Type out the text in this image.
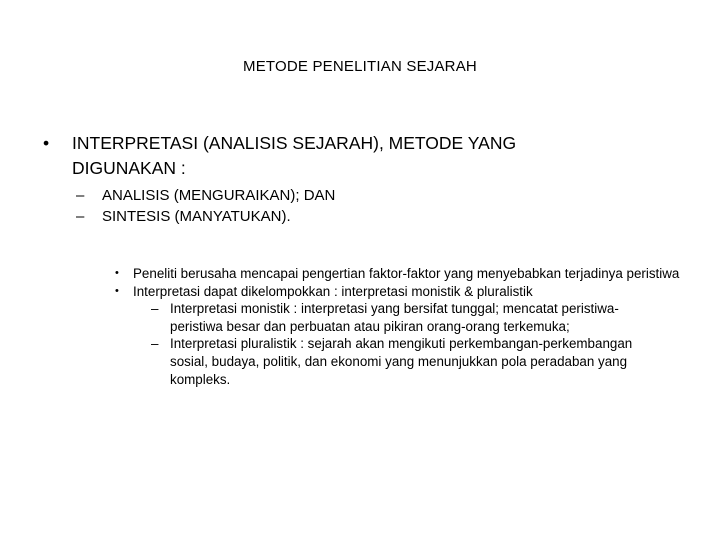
METODE PENELITIAN SEJARAH
•	INTERPRETASI (ANALISIS SEJARAH), METODE YANG DIGUNAKAN :
– ANALISIS (MENGURAIKAN); DAN
– SINTESIS (MANYATUKAN).
• Peneliti berusaha mencapai pengertian faktor-faktor yang menyebabkan terjadinya peristiwa
• Interpretasi dapat dikelompokkan : interpretasi monistik & pluralistik
– Interpretasi monistik : interpretasi yang bersifat tunggal; mencatat peristiwa-peristiwa besar dan perbuatan atau pikiran orang-orang terkemuka;
– Interpretasi pluralistik : sejarah akan mengikuti perkembangan-perkembangan sosial, budaya, politik, dan ekonomi yang menunjukkan pola peradaban yang kompleks.
